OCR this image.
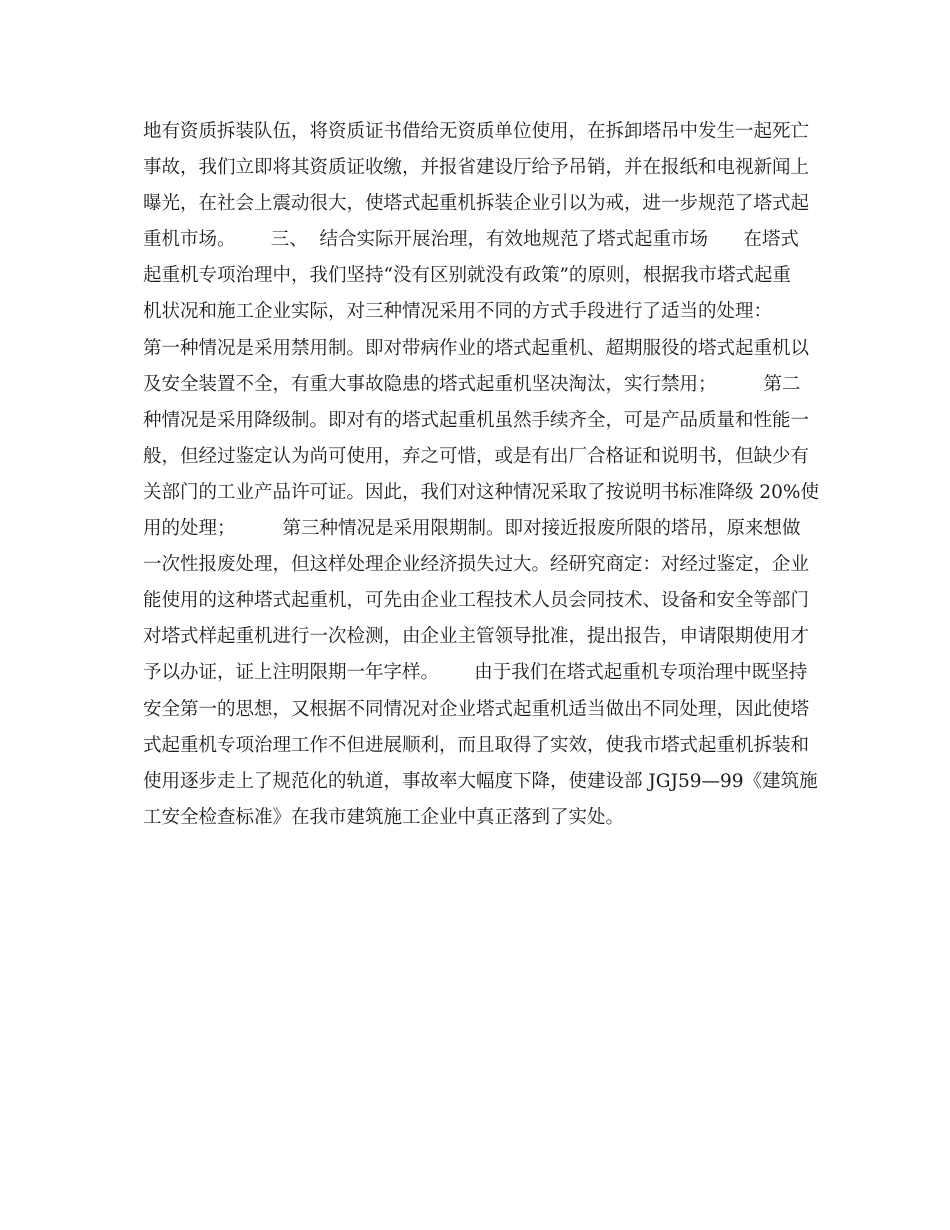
地有资质拆装队伍，将资质证书借给无资质单位使用，在拆卸塔吊中发生一起死亡
事故，我们立即将其资质证收缴，并报省建设厅给予吊销，并在报纸和电视新闻上
曝光，在社会上震动很大，使塔式起重机拆装企业引以为戒，进一步规范了塔式起
重机市场。      三、  结合实际开展治理，有效地规范了塔式起重市场      在塔式
起重机专项治理中，我们坚持“没有区别就没有政策”的原则，根据我市塔式起重
机状况和施工企业实际，对三种情况采用不同的方式手段进行了适当的处理：
第一种情况是采用禁用制。即对带病作业的塔式起重机、超期服役的塔式起重机以
及安全装置不全，有重大事故隐患的塔式起重机坚决淘汰，实行禁用；        第二
种情况是采用降级制。即对有的塔式起重机虽然手续齐全，可是产品质量和性能一
般，但经过鉴定认为尚可使用，弃之可惜，或是有出厂合格证和说明书，但缺少有
关部门的工业产品许可证。因此，我们对这种情况采取了按说明书标准降级 20%使
用的处理；        第三种情况是采用限期制。即对接近报废所限的塔吊，原来想做
一次性报废处理，但这样处理企业经济损失过大。经研究商定：对经过鉴定，企业
能使用的这种塔式起重机，可先由企业工程技术人员会同技术、设备和安全等部门
对塔式样起重机进行一次检测，由企业主管领导批准，提出报告，申请限期使用才
予以办证，证上注明限期一年字样。      由于我们在塔式起重机专项治理中既坚持
安全第一的思想，又根据不同情况对企业塔式起重机适当做出不同处理，因此使塔
式起重机专项治理工作不但进展顺利，而且取得了实效，使我市塔式起重机拆装和
使用逐步走上了规范化的轨道，事故率大幅度下降，使建设部 JGJ59—99《建筑施
工安全检查标准》在我市建筑施工企业中真正落到了实处。
